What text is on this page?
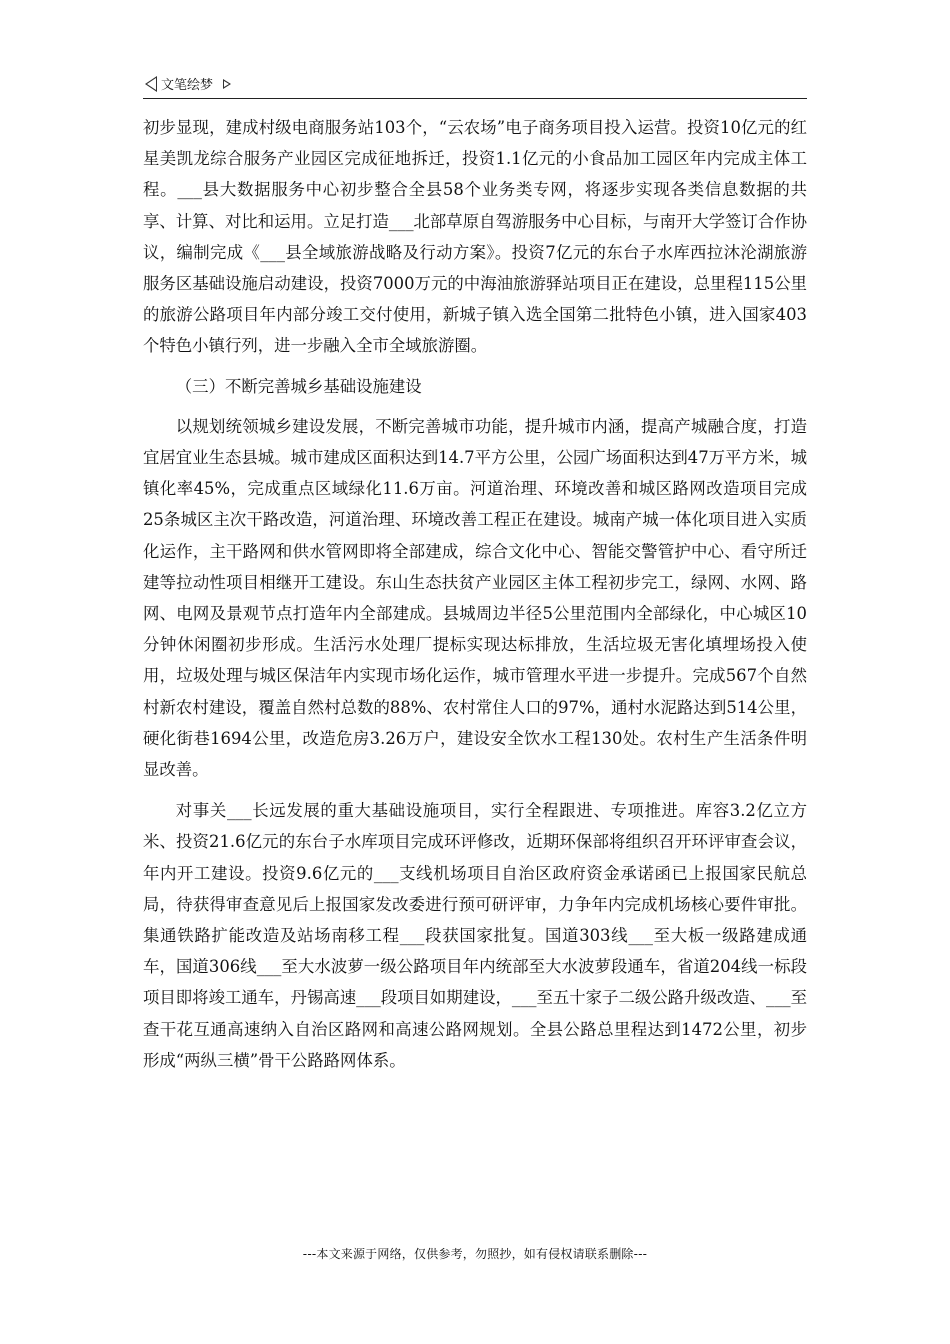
文笔绘梦

初步显现，建成村级电商服务站103个，“云农场”电子商务项目投入运营。投资10亿元的红星美凯龙综合服务产业园区完成征地拆迁，投资1.1亿元的小食品加工园区年内完成主体工程。___县大数据服务中心初步整合全县58个业务类专网，将逐步实现各类信息数据的共享、计算、对比和运用。立足打造___北部草原自驾游服务中心目标，与南开大学签订合作协议，编制完成《___县全域旅游战略及行动方案》。投资7亿元的东台子水库西拉沐沦湖旅游服务区基础设施启动建设，投资7000万元的中海油旅游驿站项目正在建设，总里程115公里的旅游公路项目年内部分竣工交付使用，新城子镇入选全国第二批特色小镇，进入国家403个特色小镇行列，进一步融入全市全域旅游圈。

（三）不断完善城乡基础设施建设

以规划统领城乡建设发展，不断完善城市功能，提升城市内涵，提高产城融合度，打造宜居宜业生态县城。城市建成区面积达到14.7平方公里，公园广场面积达到47万平方米，城镇化率45%，完成重点区域绿化11.6万亩。河道治理、环境改善和城区路网改造项目完成25条城区主次干路改造，河道治理、环境改善工程正在建设。城南产城一体化项目进入实质化运作，主干路网和供水管网即将全部建成，综合文化中心、智能交警管护中心、看守所迁建等拉动性项目相继开工建设。东山生态扶贫产业园区主体工程初步完工，绿网、水网、路网、电网及景观节点打造年内全部建成。县城周边半径5公里范围内全部绿化，中心城区10分钟休闲圈初步形成。生活污水处理厂提标实现达标排放，生活垃圾无害化填埋场投入使用，垃圾处理与城区保洁年内实现市场化运作，城市管理水平进一步提升。完成567个自然村新农村建设，覆盖自然村总数的88%、农村常住人口的97%，通村水泥路达到514公里，硬化街巷1694公里，改造危房3.26万户，建设安全饮水工程130处。农村生产生活条件明显改善。

对事关___长远发展的重大基础设施项目，实行全程跟进、专项推进。库容3.2亿立方米、投资21.6亿元的东台子水库项目完成环评修改，近期环保部将组织召开环评审查会议，年内开工建设。投资9.6亿元的___支线机场项目自治区政府资金承诺函已上报国家民航总局，待获得审查意见后上报国家发改委进行预可研评审，力争年内完成机场核心要件审批。集通铁路扩能改造及站场南移工程___段获国家批复。国道303线___至大板一级路建成通车，国道306线___至大水波萝一级公路项目年内统部至大水波萝段通车，省道204线一标段项目即将竣工通车，丹锡高速___段项目如期建设，___至五十家子二级公路升级改造、___至查干花互通高速纳入自治区路网和高速公路网规划。全县公路总里程达到1472公里，初步形成“两纵三横”骨干公路路网体系。

---本文来源于网络，仅供参考，勿照抄，如有侵权请联系删除---
